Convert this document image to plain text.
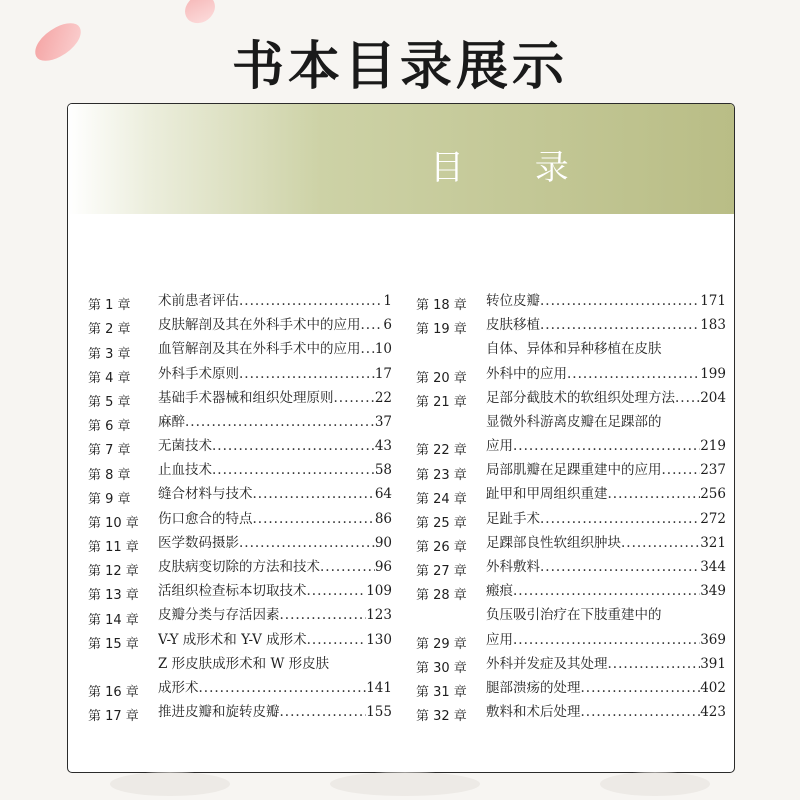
书本目录展示
目 录
第 1 章	术前患者评估 .....	1
第 2 章	皮肤解剖及其在外科手术中的应用 ..... 6
第 3 章	血管解剖及其在外科手术中的应用 ..... 10
第 4 章	外科手术原则 .....	17
第 5 章	基础手术器械和组织处理原则 .....	22
第 6 章	麻醉 .....	37
第 7 章	无菌技术 .....	43
第 8 章	止血技术 .....	58
第 9 章	缝合材料与技术 .....	64
第 10 章	伤口愈合的特点 .....	86
第 11 章	医学数码摄影 .....	90
第 12 章	皮肤病变切除的方法和技术 .....	96
第 13 章	活组织检查标本切取技术 .....	109
第 14 章	皮瓣分类与存活因素 .....	123
第 15 章	V-Y 成形术和 Y-V 成形术 .....	130
第 16 章
Z 形皮肤成形术和 W 形皮肤
成形术 .....	141
第 17 章	推进皮瓣和旋转皮瓣 .....	155
第 18 章	转位皮瓣 .....	171
第 19 章	皮肤移植 .....	183
第 20 章
自体、异体和异种移植在皮肤
外科中的应用 .....	199
第 21 章	足部分截肢术的软组织处理方法 ..... 204
第 22 章
显微外科游离皮瓣在足踝部的
应用 .....	219
第 23 章	局部肌瓣在足踝重建中的应用 .....	237
第 24 章	趾甲和甲周组织重建 .....	256
第 25 章	足趾手术 .....	272
第 26 章	足踝部良性软组织肿块 .....	321
第 27 章	外科敷料 .....	344
第 28 章	瘢痕 .....	349
第 29 章
负压吸引治疗在下肢重建中的
应用 .....	369
第 30 章	外科并发症及其处理 .....	391
第 31 章	腿部溃疡的处理 .....	402
第 32 章	敷料和术后处理 .....	423
